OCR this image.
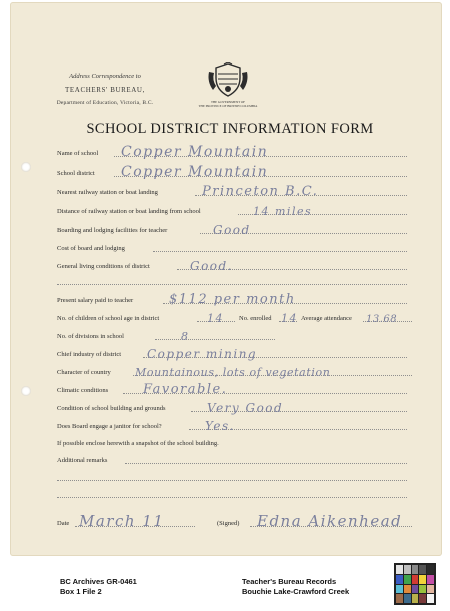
Address Correspondence to
TEACHERS' BUREAU,
Department of Education, Victoria, B.C.	THE GOVERNMENT OF
THE PROVINCE OF BRITISH COLUMBIA
SCHOOL DISTRICT INFORMATION FORM
Name of school Copper Mountain
School district Copper Mountain
Nearest railway station or boat landing	Princeton B.C.
Distance of railway station or boat landing from school	14 miles
Boarding and lodging facilities for teacher	Good
Cost of board and lodging
General living conditions of district	Good.
Present salary paid to teacher	$112 per month
No. of children of school age in district	14 No. enrolled 14 Average attendance 13.68
No. of divisions in school	8
Chief industry of district Copper mining
Character of country Mountainous, lots of vegetation
Climatic conditions	Favorable.
Condition of school building and grounds	Very Good
Does Board engage a janitor for school?	Yes.
If possible enclose herewith a snapshot of the school building.
Additional remarks
Date March 11	(Signed) Edna Aikenhead
BC Archives GR-0461
Box 1 File 2
Teacher's Bureau Records
Bouchie Lake-Crawford Creek
